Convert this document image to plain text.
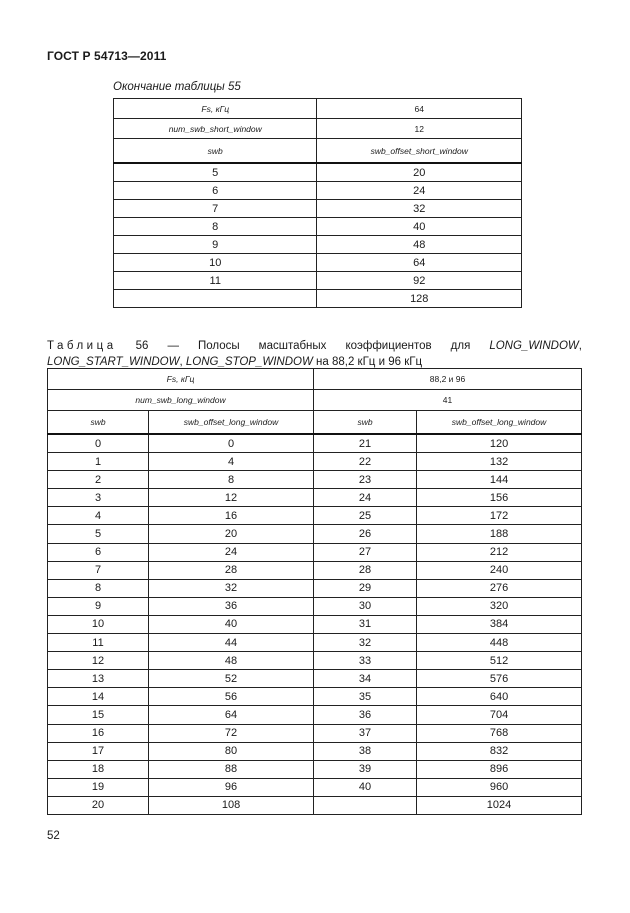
ГОСТ Р 54713—2011
Окончание таблицы 55
Fs, кГц	64
num_swb_short_window	12
swb	swb_offset_short_window
5	20
6	24
7	32
8	40
9	48
10	64
11	92
	128
Таблица 56 — Полосы масштабных коэффициентов для LONG_WINDOW, LONG_START_WINDOW, LONG_STOP_WINDOW на 88,2 кГц и 96 кГц
Fs, кГц		88,2 и 96	
num_swb_long_window		41	
swb	swb_offset_long_window	swb	swb_offset_long_window
0	0	21	120
1	4	22	132
2	8	23	144
3	12	24	156
4	16	25	172
5	20	26	188
6	24	27	212
7	28	28	240
8	32	29	276
9	36	30	320
10	40	31	384
11	44	32	448
12	48	33	512
13	52	34	576
14	56	35	640
15	64	36	704
16	72	37	768
17	80	38	832
18	88	39	896
19	96	40	960
20	108		1024
52
